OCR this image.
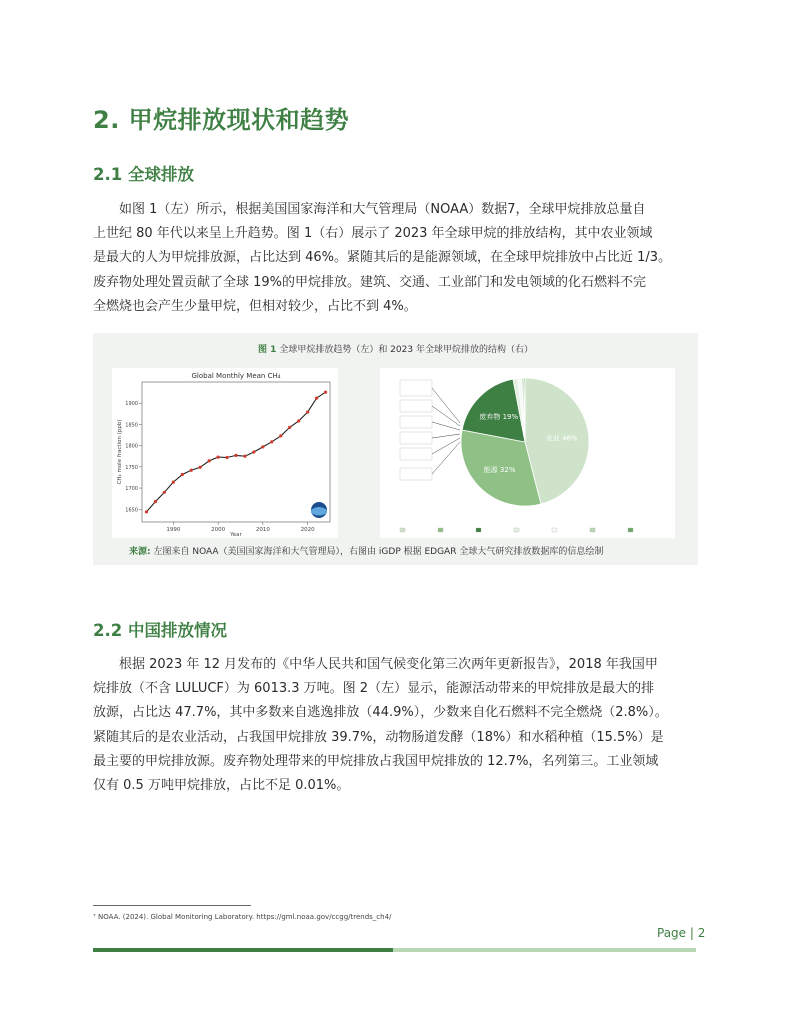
2. 甲烷排放现状和趋势
2.1 全球排放
　　如图 1（左）所示，根据美国国家海洋和大气管理局（NOAA）数据7，全球甲烷排放总量自
上世纪 80 年代以来呈上升趋势。图 1（右）展示了 2023 年全球甲烷的排放结构，其中农业领域
是最大的人为甲烷排放源，占比达到 46%。紧随其后的是能源领域，在全球甲烷排放中占比近 1/3。
废弃物处理处置贡献了全球 19%的甲烷排放。建筑、交通、工业部门和发电领域的化石燃料不完
全燃烧也会产生少量甲烷，但相对较少，占比不到 4%。
图 1 全球甲烷排放趋势（左）和 2023 年全球甲烷排放的结构（右）
Global Monthly Mean CH₄
Year
CH₄ mole fraction (ppb)
1990	2000	2010	2020
1650
1700
1750
1800
1850
1900
农业 46%
能源 32%
废弃物 19%
来源: 左图来自 NOAA（美国国家海洋和大气管理局），右图由 iGDP 根据 EDGAR 全球大气研究排放数据库的信息绘制
2.2 中国排放情况
　　根据 2023 年 12 月发布的《中华人民共和国气候变化第三次两年更新报告》，2018 年我国甲
烷排放（不含 LULUCF）为 6013.3 万吨。图 2（左）显示，能源活动带来的甲烷排放是最大的排
放源，占比达 47.7%，其中多数来自逃逸排放（44.9%），少数来自化石燃料不完全燃烧（2.8%）。
紧随其后的是农业活动，占我国甲烷排放 39.7%，动物肠道发酵（18%）和水稻种植（15.5%）是
最主要的甲烷排放源。废弃物处理带来的甲烷排放占我国甲烷排放的 12.7%，名列第三。工业领域
仅有 0.5 万吨甲烷排放，占比不足 0.01%。
⁷ NOAA. (2024). Global Monitoring Laboratory. https://gml.noaa.gov/ccgg/trends_ch4/
Page | 2
